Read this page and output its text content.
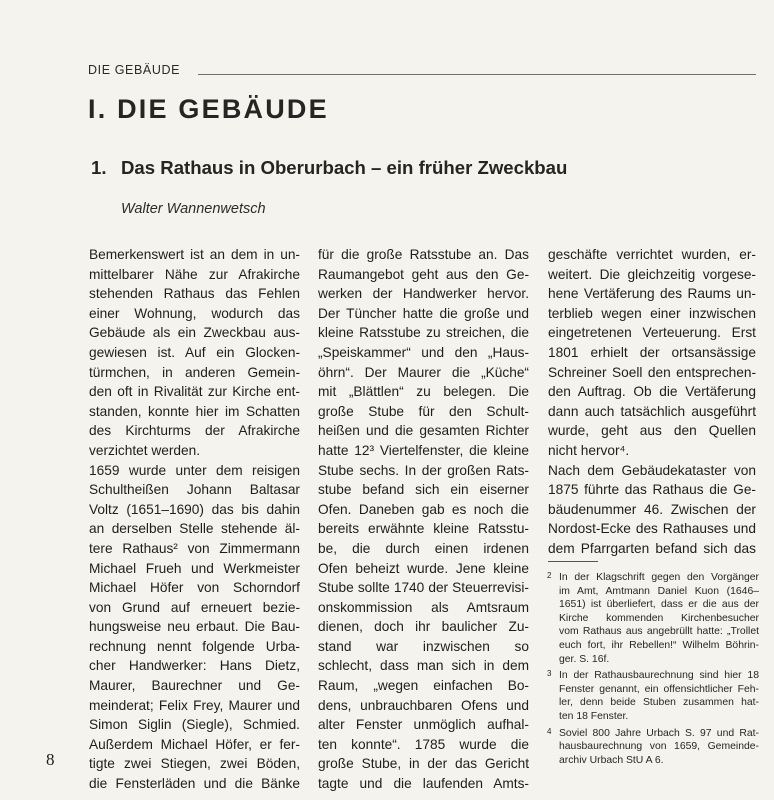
DIE GEBÄUDE
I. DIE GEBÄUDE
1. Das Rathaus in Oberurbach – ein früher Zweckbau
Walter Wannenwetsch
Bemerkenswert ist an dem in un-
mittelbarer Nähe zur Afrakirche
stehenden Rathaus das Fehlen
einer Wohnung, wodurch das
Gebäude als ein Zweckbau aus-
gewiesen ist. Auf ein Glocken-
türmchen, in anderen Gemein-
den oft in Rivalität zur Kirche ent-
standen, konnte hier im Schatten
des Kirchturms der Afrakirche
verzichtet werden.
1659 wurde unter dem reisigen
Schultheißen Johann Baltasar
Voltz (1651–1690) das bis dahin
an derselben Stelle stehende äl-
tere Rathaus² von Zimmermann
Michael Frueh und Werkmeister
Michael Höfer von Schorndorf
von Grund auf erneuert bezie-
hungsweise neu erbaut. Die Bau-
rechnung nennt folgende Urba-
cher Handwerker: Hans Dietz,
Maurer, Baurechner und Ge-
meinderat; Felix Frey, Maurer und
Simon Siglin (Siegle), Schmied.
Außerdem Michael Höfer, er fer-
tigte zwei Stiegen, zwei Böden,
die Fensterläden und die Bänke
für die große Ratsstube an. Das
Raumangebot geht aus den Ge-
werken der Handwerker hervor.
Der Tüncher hatte die große und
kleine Ratsstube zu streichen, die
„Speiskammer“ und den „Haus-
öhrn“. Der Maurer die „Küche“
mit „Blättlen“ zu belegen. Die
große Stube für den Schult-
heißen und die gesamten Richter
hatte 12³ Viertelfenster, die kleine
Stube sechs. In der großen Rats-
stube befand sich ein eiserner
Ofen. Daneben gab es noch die
bereits erwähnte kleine Ratsstu-
be, die durch einen irdenen
Ofen beheizt wurde. Jene kleine
Stube sollte 1740 der Steuerrevisi-
onskommission als Amtsraum
dienen, doch ihr baulicher Zu-
stand war inzwischen so
schlecht, dass man sich in dem
Raum, „wegen einfachen Bo-
dens, unbrauchbaren Ofens und
alter Fenster unmöglich aufhal-
ten konnte“. 1785 wurde die
große Stube, in der das Gericht
tagte und die laufenden Amts-
geschäfte verrichtet wurden, er-
weitert. Die gleichzeitig vorgese-
hene Vertäferung des Raums un-
terblieb wegen einer inzwischen
eingetretenen Verteuerung. Erst
1801 erhielt der ortsansässige
Schreiner Soell den entsprechen-
den Auftrag. Ob die Vertäferung
dann auch tatsächlich ausgeführt
wurde, geht aus den Quellen
nicht hervor⁴.
Nach dem Gebäudekataster von
1875 führte das Rathaus die Ge-
bäudenummer 46. Zwischen der
Nordost-Ecke des Rathauses und
dem Pfarrgarten befand sich das
2 In der Klagschrift gegen den Vorgänger
im Amt, Amtmann Daniel Kuon (1646–
1651) ist überliefert, dass er die aus der
Kirche kommenden Kirchenbesucher
vom Rathaus aus angebrüllt hatte: „Trollet
euch fort, ihr Rebellen!“ Wilhelm Böhrin-
ger. S. 16f.
3 In der Rathausbaurechnung sind hier 18
Fenster genannt, ein offensichtlicher Feh-
ler, denn beide Stuben zusammen hat-
ten 18 Fenster.
4 Soviel 800 Jahre Urbach S. 97 und Rat-
hausbaurechnung von 1659, Gemeinde-
archiv Urbach StU A 6.
8
